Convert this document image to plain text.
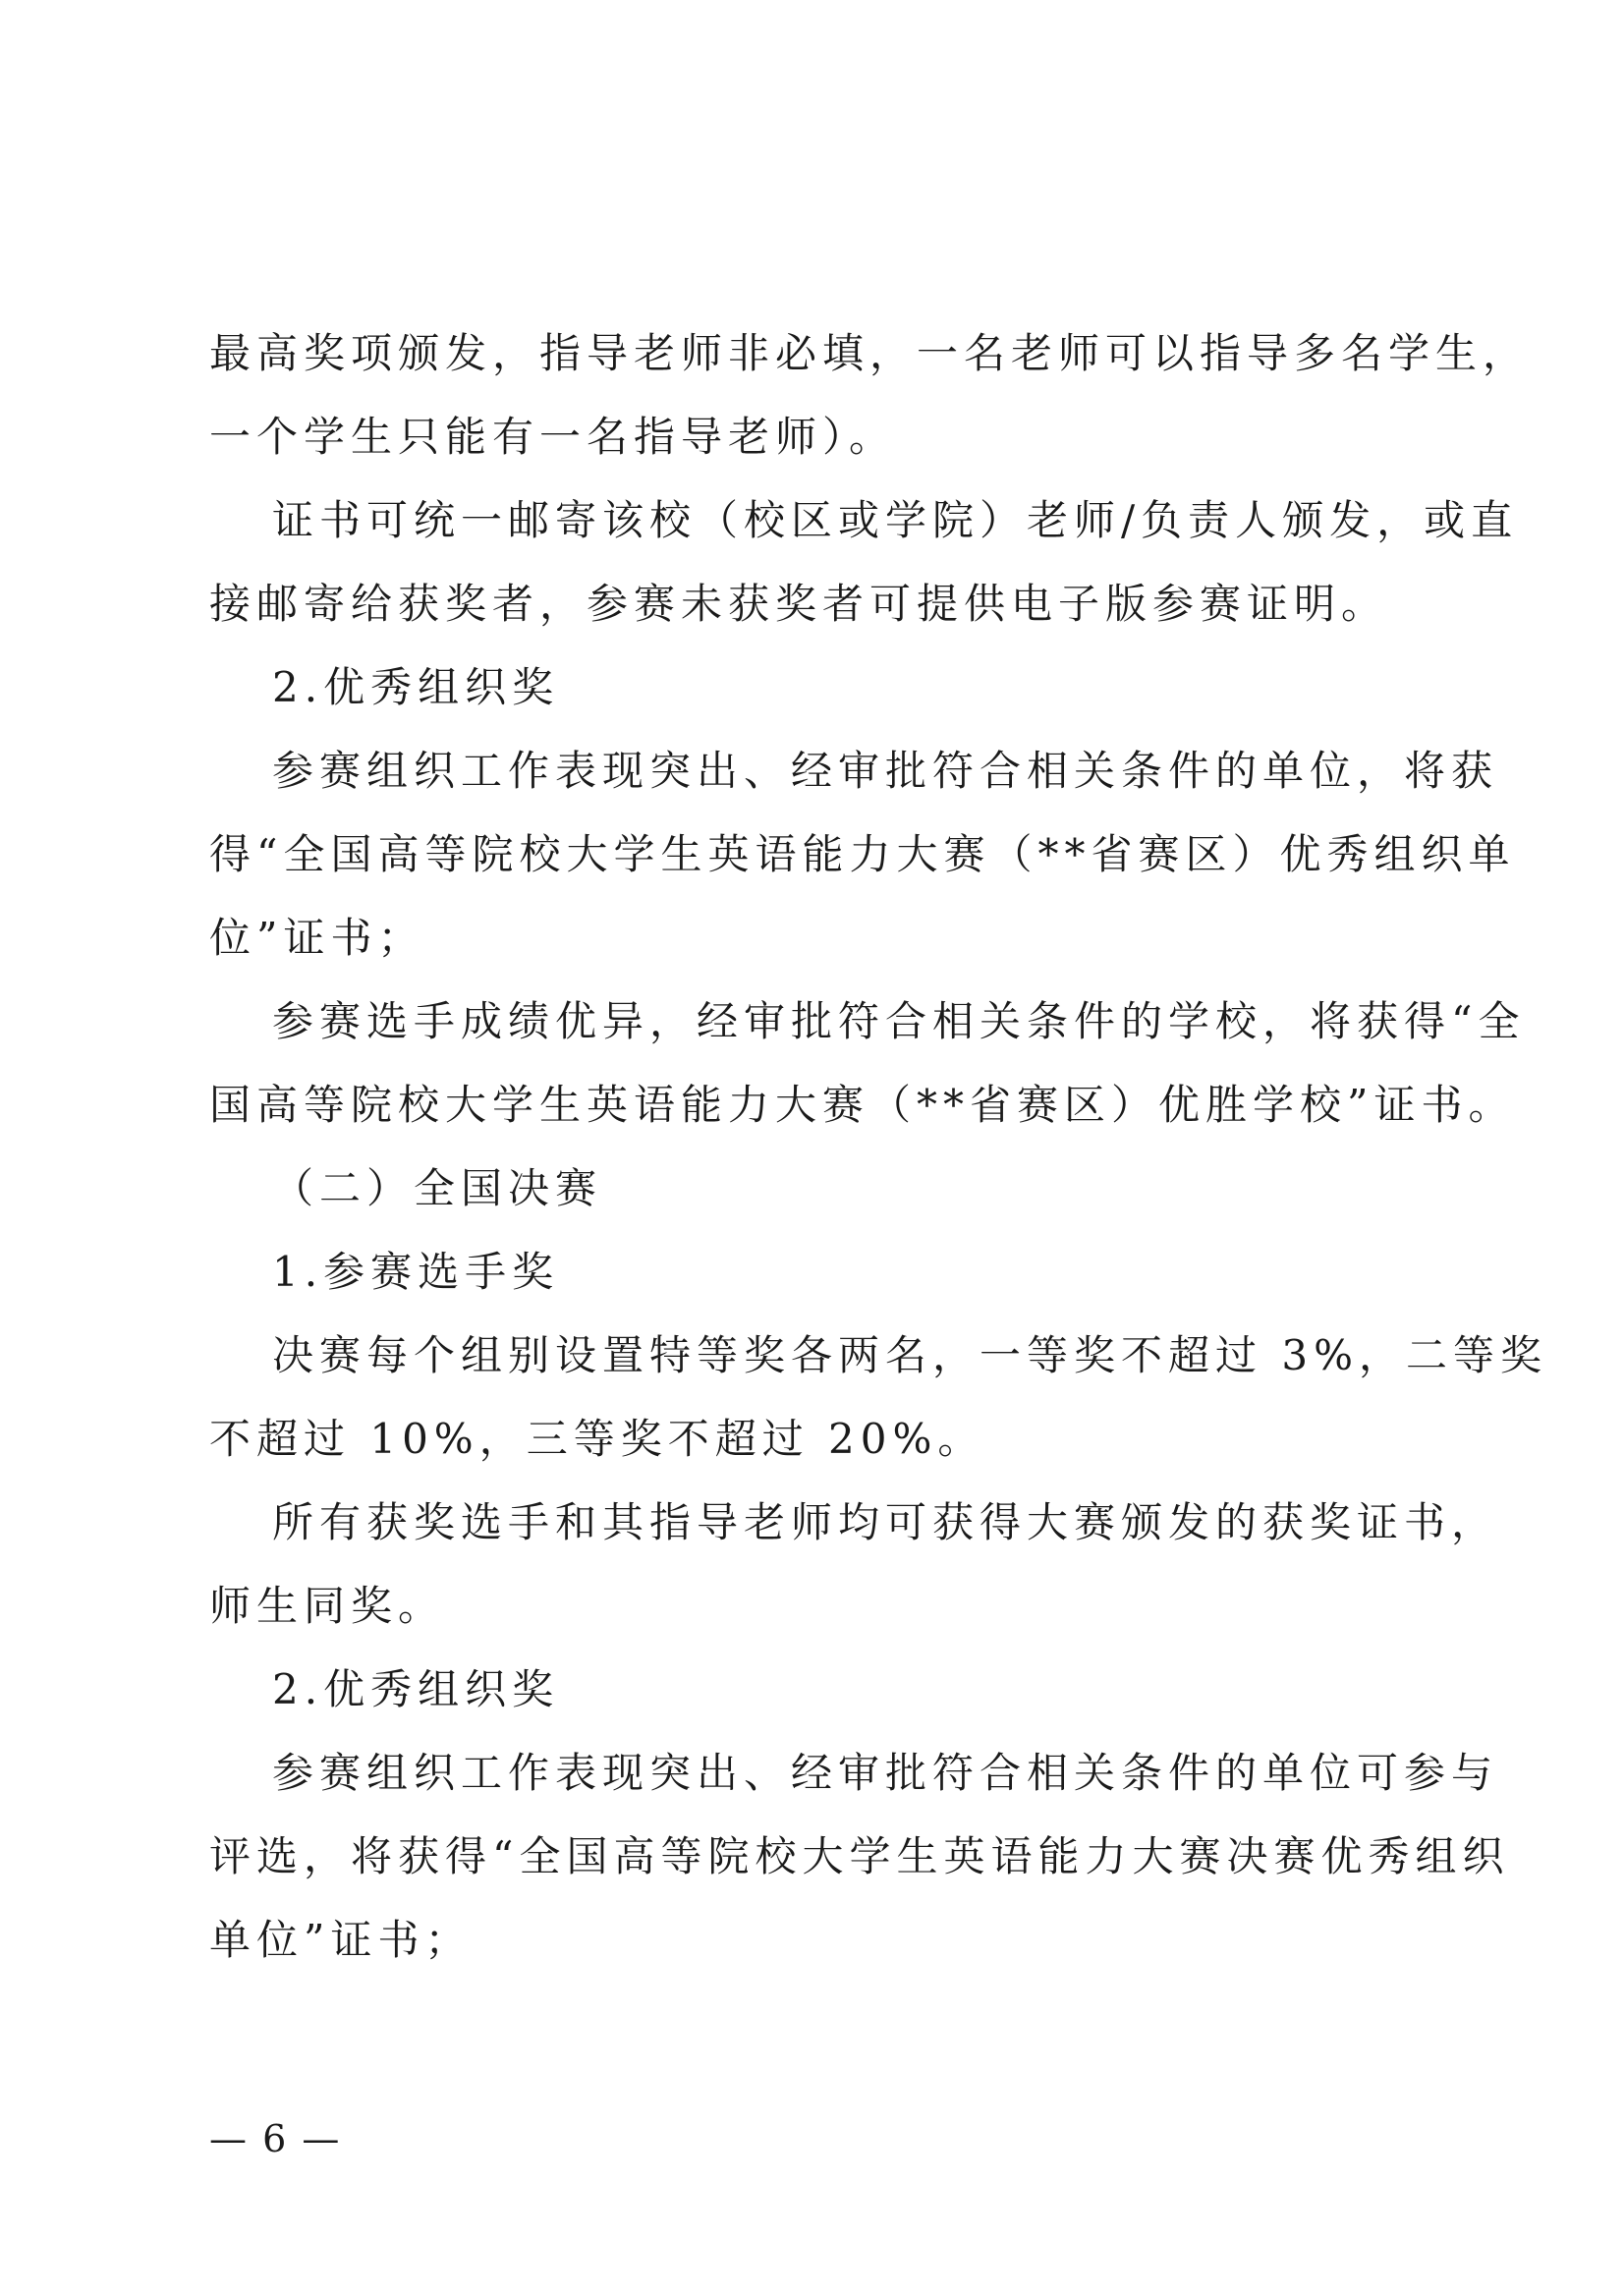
最高奖项颁发，指导老师非必填，一名老师可以指导多名学生，
一个学生只能有一名指导老师）。
证书可统一邮寄该校（校区或学院）老师/负责人颁发，或直
接邮寄给获奖者，参赛未获奖者可提供电子版参赛证明。
2.优秀组织奖
参赛组织工作表现突出、经审批符合相关条件的单位，将获
得“全国高等院校大学生英语能力大赛（**省赛区）优秀组织单
位”证书；
参赛选手成绩优异，经审批符合相关条件的学校，将获得“全
国高等院校大学生英语能力大赛（**省赛区）优胜学校”证书。
（二）全国决赛
1.参赛选手奖
决赛每个组别设置特等奖各两名，一等奖不超过 3%，二等奖
不超过 10%，三等奖不超过 20%。
所有获奖选手和其指导老师均可获得大赛颁发的获奖证书，
师生同奖。
2.优秀组织奖
参赛组织工作表现突出、经审批符合相关条件的单位可参与
评选，将获得“全国高等院校大学生英语能力大赛决赛优秀组织
单位”证书；
— 6 —
